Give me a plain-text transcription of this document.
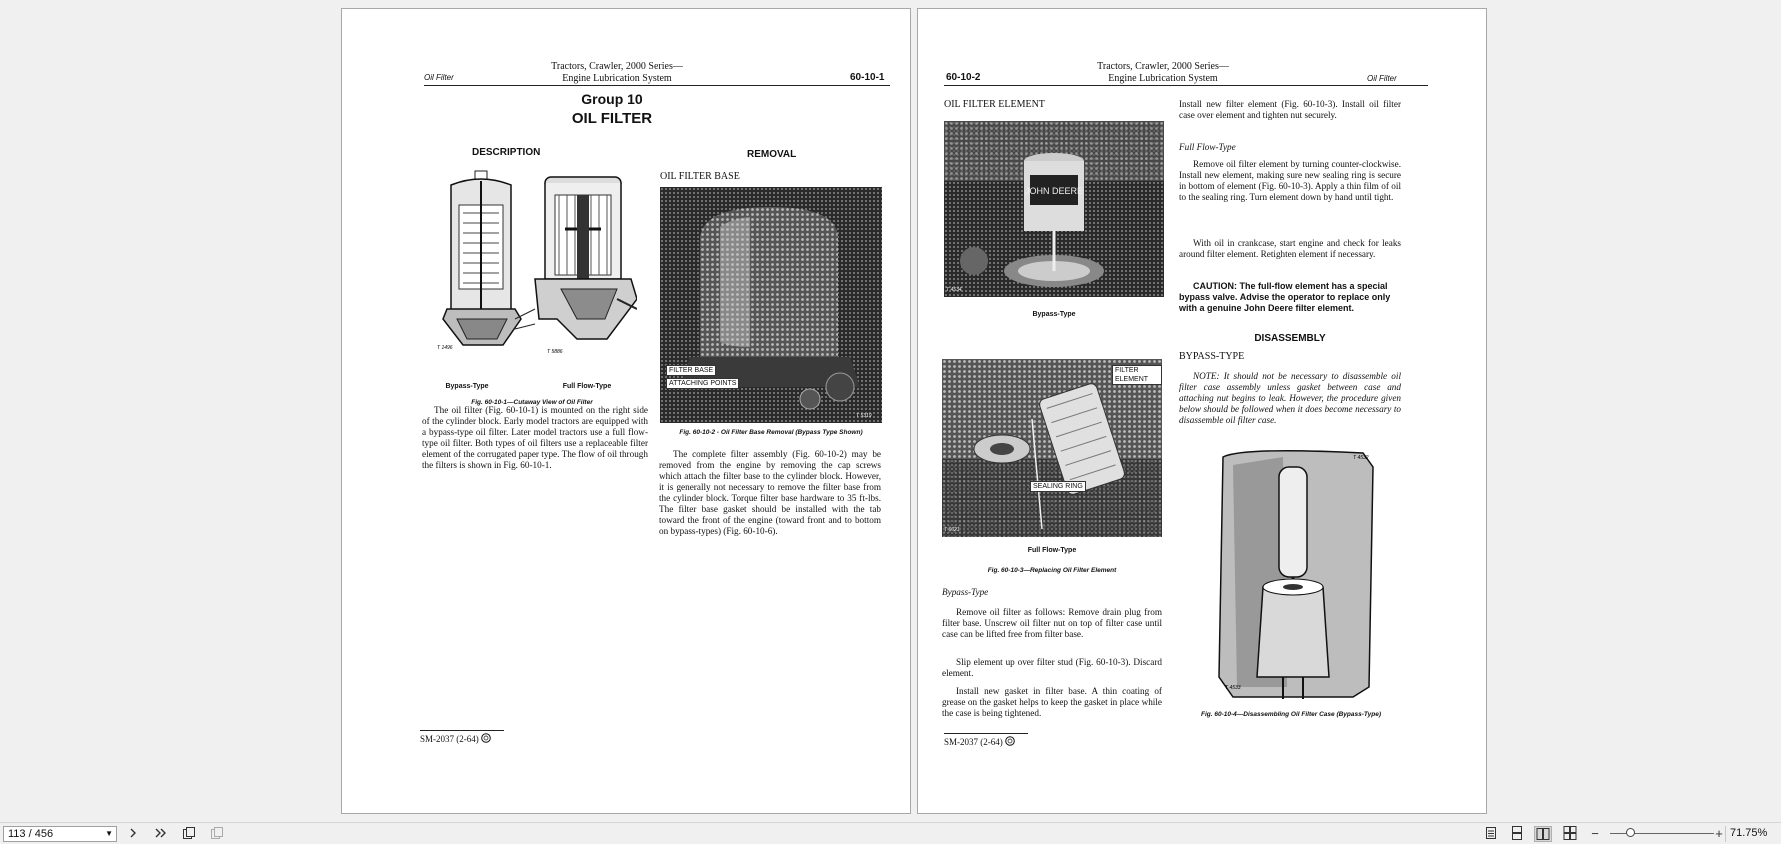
Oil Filter
Tractors, Crawler, 2000 Series—
Engine Lubrication System	60-10-1
Group 10
OIL FILTER
DESCRIPTION	REMOVAL
OIL FILTER BASE
T 1496
T 5886
Bypass-Type	Full Flow-Type
Fig. 60-10-1—Cutaway View of Oil Filter

The oil filter (Fig. 60-10-1) is mounted on the right side of the cylinder block. Early model tractors are equipped with a bypass-type oil filter. Later model tractors use a full flow-type oil filter. Both types of oil filters use a replaceable filter element of the corrugated paper type. The flow of oil through the filters is shown in Fig. 60-10-1.

FILTER BASE
ATTACHING POINTS
T 5319
Fig. 60-10-2 - Oil Filter Base Removal (Bypass Type Shown)

The complete filter assembly (Fig. 60-10-2) may be removed from the engine by removing the cap screws which attach the filter base to the cylinder block. However, it is generally not necessary to remove the filter base from the cylinder block. Torque filter base hardware to 35 ft-lbs. The filter base gasket should be installed with the tab toward the front of the engine (toward front and to bottom on bypass-types) (Fig. 60-10-6).

SM-2037 (2-64)
60-10-2
Tractors, Crawler, 2000 Series—
Engine Lubrication System	Oil Filter
OIL FILTER ELEMENT
JOHN DEERE
T 4534
Bypass-Type
FILTER ELEMENT
SEALING RING
T 6021
Full Flow-Type
Fig. 60-10-3—Replacing Oil Filter Element
Bypass-Type

Remove oil filter as follows: Remove drain plug from filter base. Unscrew oil filter nut on top of filter case until case can be lifted free from filter base.

Slip element up over filter stud (Fig. 60-10-3). Discard element.

Install new gasket in filter base. A thin coating of grease on the gasket helps to keep the gasket in place while the case is being tightened.

Install new filter element (Fig. 60-10-3). Install oil filter case over element and tighten nut securely.

Full Flow-Type

Remove oil filter element by turning counter-clockwise. Install new element, making sure new sealing ring is secure in bottom of element (Fig. 60-10-3). Apply a thin film of oil to the sealing ring. Turn element down by hand until tight.

With oil in crankcase, start engine and check for leaks around filter element. Retighten element if necessary.

CAUTION: The full-flow element has a special bypass valve. Advise the operator to replace only with a genuine John Deere filter element.

DISASSEMBLY
BYPASS-TYPE

NOTE: It should not be necessary to disassemble oil filter case assembly unless gasket between case and attaching nut begins to leak. However, the procedure given below should be followed when it does become necessary to disassemble oil filter case.

T 4532
T 4533
Fig. 60-10-4—Disassembling Oil Filter Case (Bypass-Type)
SM-2037 (2-64)
113 / 456	▼	−	+ 71.75%
